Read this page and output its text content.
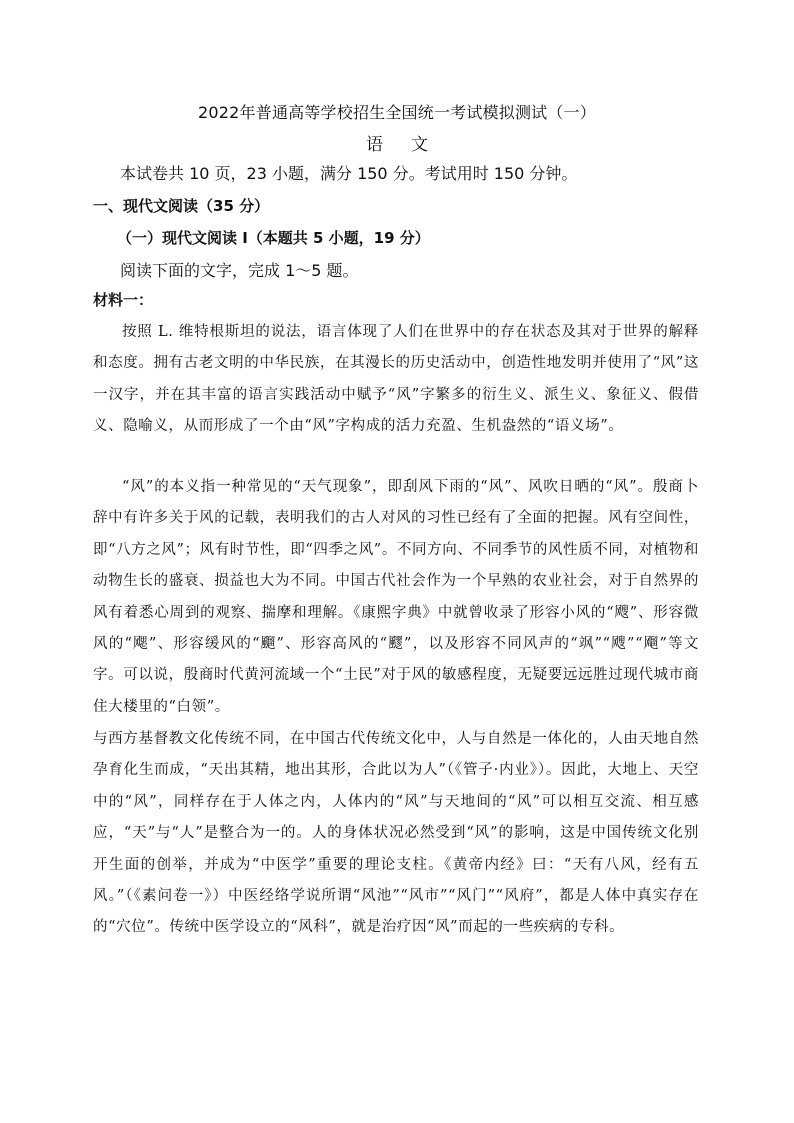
2022年普通高等学校招生全国统一考试模拟测试（一）
语文
本试卷共 10 页，23 小题，满分 150 分。考试用时 150 分钟。
一、现代文阅读（35 分）
（一）现代文阅读 I（本题共 5 小题，19 分）
阅读下面的文字，完成 1～5 题。
材料一：

按照 L. 维特根斯坦的说法，语言体现了人们在世界中的存在状态及其对于世界的解释和态度。拥有古老文明的中华民族，在其漫长的历史活动中，创造性地发明并使用了“风”这一汉字，并在其丰富的语言实践活动中赋予“风”字繁多的衍生义、派生义、象征义、假借义、隐喻义，从而形成了一个由“风”字构成的活力充盈、生机盎然的“语义场”。

“风”的本义指一种常见的“天气现象”，即刮风下雨的“风”、风吹日晒的“风”。殷商卜辞中有许多关于风的记载，表明我们的古人对风的习性已经有了全面的把握。风有空间性，即“八方之风”；风有时节性，即“四季之风”。不同方向、不同季节的风性质不同，对植物和动物生长的盛衰、损益也大为不同。中国古代社会作为一个早熟的农业社会，对于自然界的风有着悉心周到的观察、揣摩和理解。《康熙字典》中就曾收录了形容小风的“飕”、形容微风的“飔”、形容缓风的“飀”、形容高风的“飂”，以及形容不同风声的“飒”“飕”“飗”等文字。可以说，殷商时代黄河流域一个“土民”对于风的敏感程度，无疑要远远胜过现代城市商住大楼里的“白领”。

与西方基督教文化传统不同，在中国古代传统文化中，人与自然是一体化的，人由天地自然孕育化生而成，“天出其精，地出其形，合此以为人”（《管子·内业》）。因此，大地上、天空中的“风”，同样存在于人体之内，人体内的“风”与天地间的“风”可以相互交流、相互感应，“天”与“人”是整合为一的。人的身体状况必然受到“风”的影响，这是中国传统文化别开生面的创举，并成为“中医学”重要的理论支柱。《黄帝内经》曰：“天有八风，经有五风。”（《素问卷一》）中医经络学说所谓“风池”“风市”“风门”“风府”，都是人体中真实存在的“穴位”。传统中医学设立的“风科”，就是治疗因“风”而起的一些疾病的专科。
